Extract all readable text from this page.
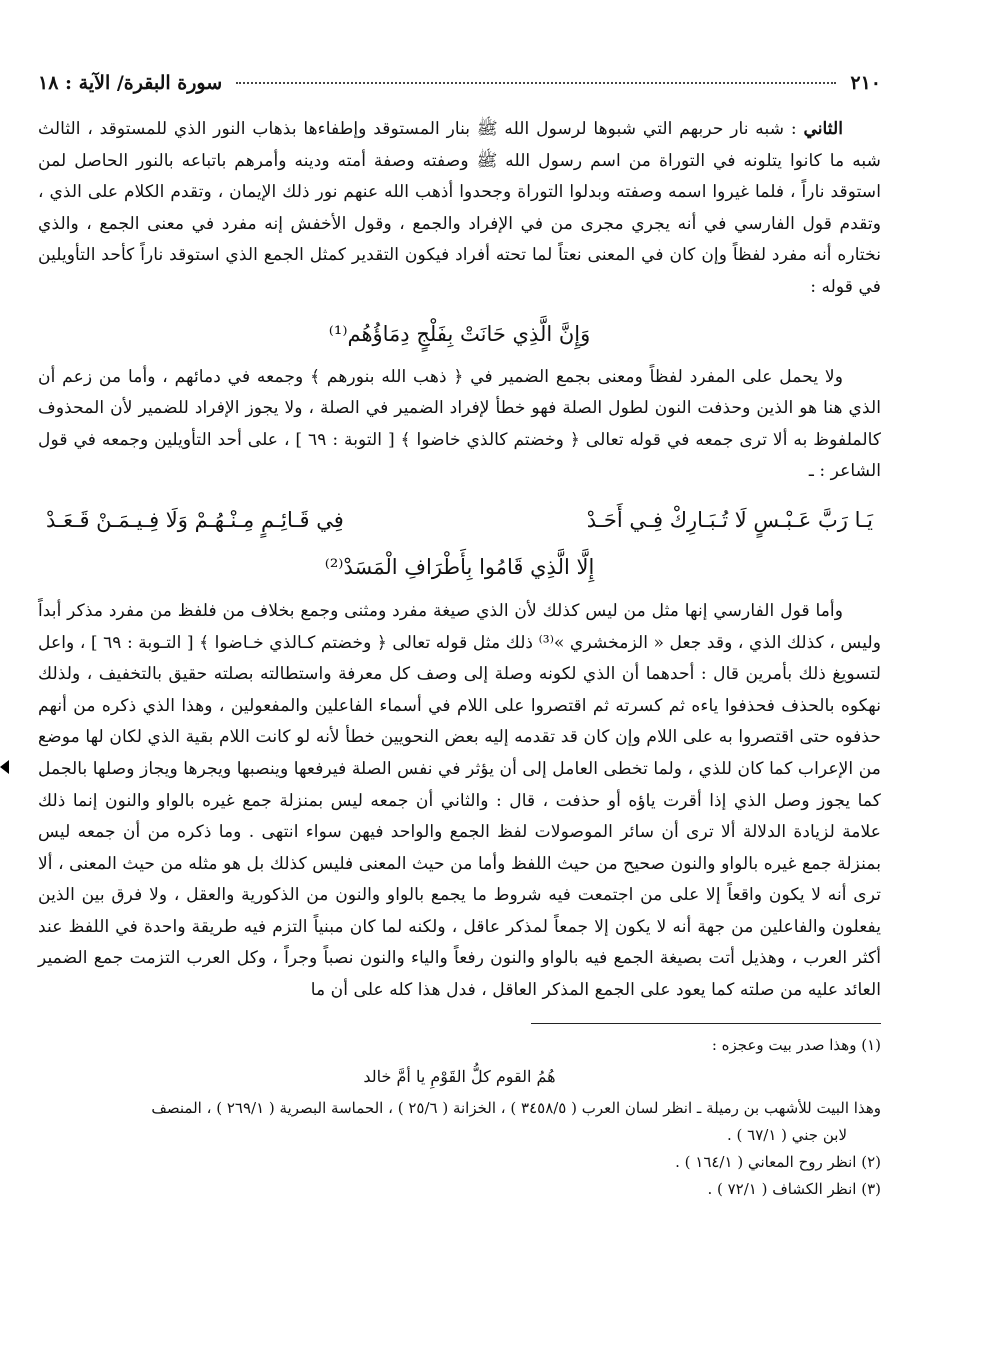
٢١٠
سورة البقرة/ الآية : ١٨

الثاني : شبه نار حربهم التي شبوها لرسول الله ﷺ بنار المستوقد وإطفاءها بذهاب النور الذي للمستوقد ، الثالث شبه ما كانوا يتلونه في التوراة من اسم رسول الله ﷺ وصفته وصفة أمته ودينه وأمرهم باتباعه بالنور الحاصل لمن استوقد ناراً ، فلما غيروا اسمه وصفته وبدلوا التوراة وجحدوا أذهب الله عنهم نور ذلك الإيمان ، وتقدم الكلام على الذي ، وتقدم قول الفارسي في أنه يجري مجرى من في الإفراد والجمع ، وقول الأخفش إنه مفرد في معنى الجمع ، والذي نختاره أنه مفرد لفظاً وإن كان في المعنى نعتاً لما تحته أفراد فيكون التقدير كمثل الجمع الذي استوقد ناراً كأحد التأويلين في قوله :

وَإِنَّ الَّذِي حَانَتْ بِفَلْجٍ دِمَاؤُهُم⁽¹⁾

ولا يحمل على المفرد لفظاً ومعنى بجمع الضمير في ﴿ ذهب الله بنورهم ﴾ وجمعه في دمائهم ، وأما من زعم أن الذي هنا هو الذين وحذفت النون لطول الصلة فهو خطأ لإفراد الضمير في الصلة ، ولا يجوز الإفراد للضمير لأن المحذوف كالملفوظ به ألا ترى جمعه في قوله تعالى ﴿ وخضتم كالذي خاضوا ﴾ [ التوبة : ٦٩ ] ، على أحد التأويلين وجمعه في قول الشاعر : ـ

يَـا رَبَّ عَـبْـسٍ لَا تُـبَـارِكْ فِـي أَحَـدْ
فِي قَـائِـمٍ مِـنْـهُـمْ وَلَا فِـيـمَـنْ قَـعَـدْ
إِلَّا الَّذِي قَامُوا بِأَطْرَافِ الْمَسَدْ⁽²⁾

وأما قول الفارسي إنها مثل من ليس كذلك لأن الذي صيغة مفرد ومثنى وجمع بخلاف من فلفظ من مفرد مذكر أبداً وليس ، كذلك الذي ، وقد جعل « الزمخشري »⁽³⁾ ذلك مثل قوله تعالى ﴿ وخضتم كـالذي خـاضوا ﴾ [ التـوبة : ٦٩ ] ، واعل لتسويغ ذلك بأمرين قال : أحدهما أن الذي لكونه وصلة إلى وصف كل معرفة واستطالته بصلته حقيق بالتخفيف ، ولذلك نهكوه بالحذف فحذفوا ياءه ثم كسرته ثم اقتصروا على اللام في أسماء الفاعلين والمفعولين ، وهذا الذي ذكره من أنهم حذفوه حتى اقتصروا به على اللام وإن كان قد تقدمه إليه بعض النحويين خطأ لأنه لو كانت اللام بقية الذي لكان لها موضع من الإعراب كما كان للذي ، ولما تخطى العامل إلى أن يؤثر في نفس الصلة فيرفعها وينصبها ويجرها ويجاز وصلها بالجمل كما يجوز وصل الذي إذا أقرت ياؤه أو حذفت ، قال : والثاني أن جمعه ليس بمنزلة جمع غيره بالواو والنون إنما ذلك علامة لزيادة الدلالة ألا ترى أن سائر الموصولات لفظ الجمع والواحد فيهن سواء انتهى . وما ذكره من أن جمعه ليس بمنزلة جمع غيره بالواو والنون صحيح من حيث اللفظ وأما من حيث المعنى فليس كذلك بل هو مثله من حيث المعنى ، ألا ترى أنه لا يكون واقعاً إلا على من اجتمعت فيه شروط ما يجمع بالواو والنون من الذكورية والعقل ، ولا فرق بين الذين يفعلون والفاعلين من جهة أنه لا يكون إلا جمعاً لمذكر عاقل ، ولكنه لما كان مبنياً التزم فيه طريقة واحدة في اللفظ عند أكثر العرب ، وهذيل أتت بصيغة الجمع فيه بالواو والنون رفعاً والياء والنون نصباً وجراً ، وكل العرب التزمت جمع الضمير العائد عليه من صلته كما يعود على الجمع المذكر العاقل ، فدل هذا كله على أن ما

(١) وهذا صدر بيت وعجزه :

هُمُ القوم كلُّ القَوْمِ يا أمَّ خالد

وهذا البيت للأشهب بن رميلة ـ انظر لسان العرب ( ٣٤٥٨/٥ ) ، الخزانة ( ٢٥/٦ ) ، الحماسة البصرية ( ٢٦٩/١ ) ، المنصف

لابن جني ( ٦٧/١ ) .

(٢) انظر روح المعاني ( ١٦٤/١ ) .

(٣) انظر الكشاف ( ٧٢/١ ) .
